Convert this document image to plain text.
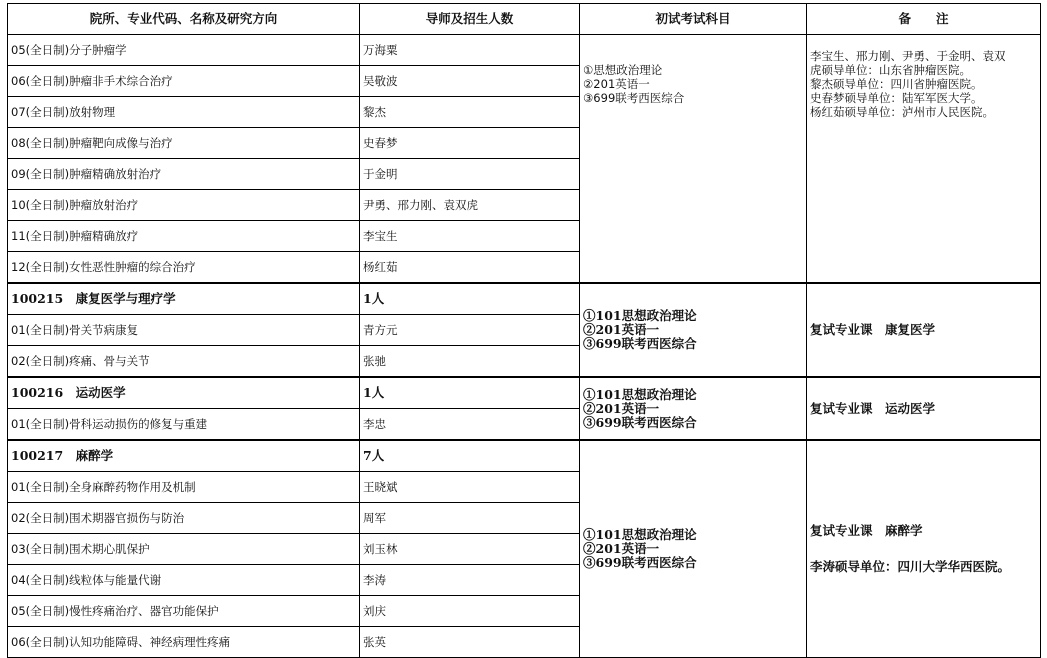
院所、专业代码、名称及研究方向	导师及招生人数	初试考试科目	备　　注
05(全日制)分子肿瘤学	万海粟	①思想政治理论
②201英语一
③699联考西医综合	李宝生、邢力刚、尹勇、于金明、袁双
虎硕导单位：山东省肿瘤医院。
黎杰硕导单位：四川省肿瘤医院。
史春梦硕导单位：陆军军医大学。
杨红茹硕导单位：泸州市人民医院。

06(全日制)肿瘤非手术综合治疗	吴敬波		
07(全日制)放射物理	黎杰		
08(全日制)肿瘤靶向成像与治疗	史春梦		
09(全日制)肿瘤精确放射治疗	于金明		
10(全日制)肿瘤放射治疗	尹勇、邢力刚、袁双虎		
11(全日制)肿瘤精确放疗	李宝生		
12(全日制)女性恶性肿瘤的综合治疗	杨红茹		
100215　康复医学与理疗学	1人	①101思想政治理论
②201英语一
③699联考西医综合	复试专业课　康复医学

01(全日制)骨关节病康复	青方元		
02(全日制)疼痛、骨与关节	张驰		
100216　运动医学	1人	①101思想政治理论
②201英语一
③699联考西医综合	复试专业课　运动医学

01(全日制)骨科运动损伤的修复与重建	李忠		
100217　麻醉学	7人	①101思想政治理论
②201英语一
③699联考西医综合	复试专业课　麻醉学
李涛硕导单位：四川大学华西医院。

01(全日制)全身麻醉药物作用及机制	王晓斌		
02(全日制)围术期器官损伤与防治	周军		
03(全日制)围术期心肌保护	刘玉林		
04(全日制)线粒体与能量代谢	李涛		
05(全日制)慢性疼痛治疗、器官功能保护	刘庆		
06(全日制)认知功能障碍、神经病理性疼痛	张英		
